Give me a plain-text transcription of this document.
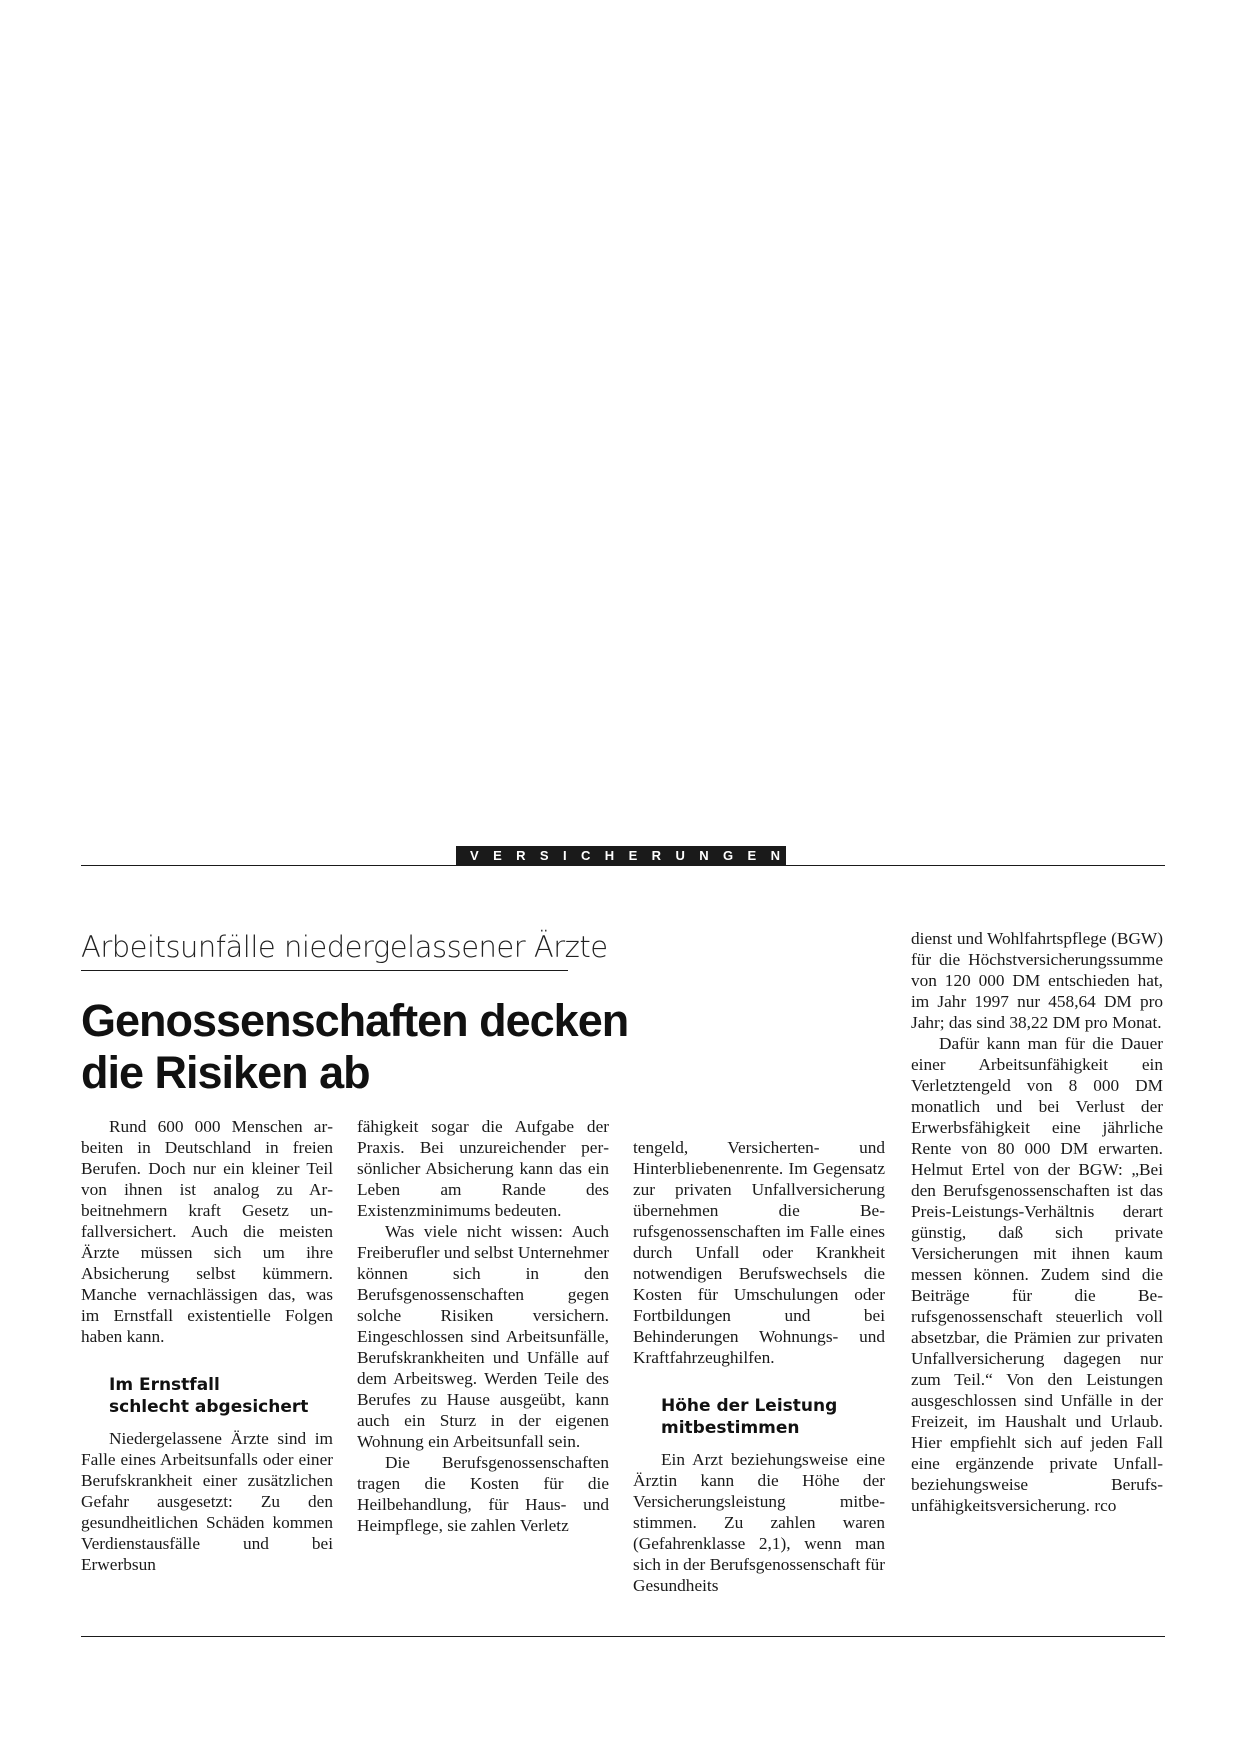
VERSICHERUNGEN
Arbeitsunfälle niedergelassener Ärzte
Genossenschaften decken
die Risiken ab

Rund 600 000 Menschen arbeiten in Deutschland in freien Berufen. Doch nur ein kleiner Teil von ihnen ist analog zu Arbeitnehmern kraft Gesetz unfallversichert. Auch die meisten Ärzte müssen sich um ihre Absicherung selbst kümmern. Manche vernachlässigen das, was im Ernstfall existentielle Folgen haben kann.

Im Ernstfall
schlecht abgesichert

Niedergelassene Ärzte sind im Falle eines Arbeitsunfalls oder einer Berufskrankheit einer zusätzlichen Gefahr ausgesetzt: Zu den gesundheitlichen Schäden kommen Verdienstausfälle und bei Erwerbsun

fähigkeit sogar die Aufgabe der Praxis. Bei unzureichender persönlicher Absicherung kann das ein Leben am Rande des Existenzminimums bedeuten.

Was viele nicht wissen: Auch Freiberufler und selbst Unternehmer können sich in den Berufsgenossenschaften gegen solche Risiken versichern. Eingeschlossen sind Arbeitsunfälle, Berufskrankheiten und Unfälle auf dem Arbeitsweg. Werden Teile des Berufes zu Hause ausgeübt, kann auch ein Sturz in der eigenen Wohnung ein Arbeitsunfall sein.

Die Berufsgenossenschaften tragen die Kosten für die Heilbehandlung, für Haus- und Heimpflege, sie zahlen Verletz

tengeld, Versicherten- und Hinterbliebenenrente. Im Gegensatz zur privaten Unfallversicherung übernehmen die Berufsgenossenschaften im Falle eines durch Unfall oder Krankheit notwendigen Berufswechsels die Kosten für Umschulungen oder Fortbildungen und bei Behinderungen Wohnungs- und Kraftfahrzeughilfen.

Höhe der Leistung
mitbestimmen

Ein Arzt beziehungsweise eine Ärztin kann die Höhe der Versicherungsleistung mitbestimmen. Zu zahlen waren (Gefahrenklasse 2,1), wenn man sich in der Berufsgenossenschaft für Gesundheits

dienst und Wohlfahrtspflege (BGW) für die Höchstversicherungssumme von 120 000 DM entschieden hat, im Jahr 1997 nur 458,64 DM pro Jahr; das sind 38,22 DM pro Monat.

Dafür kann man für die Dauer einer Arbeitsunfähigkeit ein Verletztengeld von 8 000 DM monatlich und bei Verlust der Erwerbsfähigkeit eine jährliche Rente von 80 000 DM erwarten. Helmut Ertel von der BGW: „Bei den Berufsgenossenschaften ist das Preis-Leistungs-Verhältnis derart günstig, daß sich private Versicherungen mit ihnen kaum messen können. Zudem sind die Beiträge für die Berufsgenossenschaft steuerlich voll absetzbar, die Prämien zur privaten Unfallversicherung dagegen nur zum Teil.“ Von den Leistungen ausgeschlossen sind Unfälle in der Freizeit, im Haushalt und Urlaub. Hier empfiehlt sich auf jeden Fall eine ergänzende private Unfall- beziehungsweise Berufsunfähigkeitsversicherung. rco
